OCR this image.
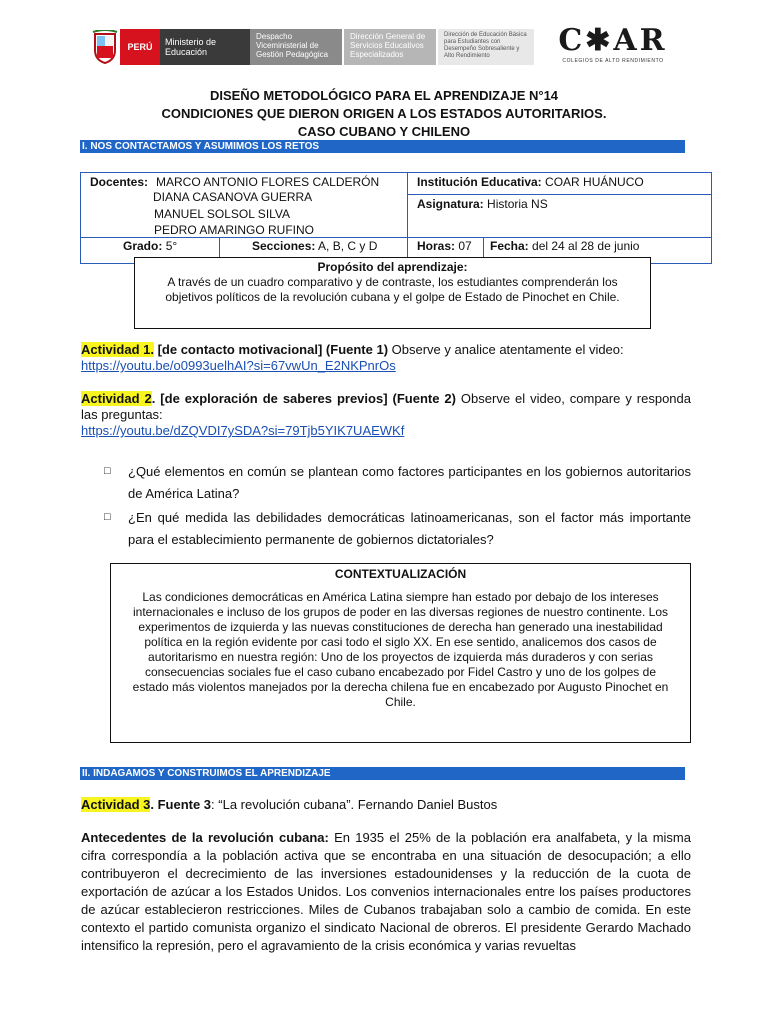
PERÚ	Ministerio de Educación
Despacho Viceministerial de Gestión Pedagógica
Dirección General de Servicios Educativos Especializados
Dirección de Educación Básica para Estudiantes con Desempeño Sobresaliente y Alto Rendimiento	C✱AR
COLEGIOS DE ALTO RENDIMIENTO
DISEÑO METODOLÓGICO PARA EL APRENDIZAJE N°14
CONDICIONES QUE DIERON ORIGEN A LOS ESTADOS AUTORITARIOS.
CASO CUBANO Y CHILENO
I. NOS CONTACTAMOS Y ASUMIMOS LOS RETOS
Docentes: MARCO ANTONIO FLORES CALDERÓN
DIANA CASANOVA GUERRA
MANUEL SOLSOL SILVA
PEDRO AMARINGO RUFINO
Institución Educativa: COAR HUÁNUCO
Asignatura: Historia NS
Grado: 5°	Secciones: A, B, C y D	Horas: 07 Fecha: del 24 al 28 de junio
Propósito del aprendizaje:
A través de un cuadro comparativo y de contraste, los estudiantes comprenderán los objetivos políticos de la revolución cubana y el golpe de Estado de Pinochet en Chile.
Actividad 1. [de contacto motivacional] (Fuente 1) Observe y analice atentamente el video:
https://youtu.be/o0993uelhAI?si=67vwUn_E2NKPnrOs
Actividad 2. [de exploración de saberes previos] (Fuente 2) Observe el video, compare y responda las preguntas:
https://youtu.be/dZQVDI7ySDA?si=79Tjb5YIK7UAEWKf
□ ¿Qué elementos en común se plantean como factores participantes en los gobiernos autoritarios de América Latina?
□ ¿En qué medida las debilidades democráticas latinoamericanas, son el factor más importante para el establecimiento permanente de gobiernos dictatoriales?
CONTEXTUALIZACIÓN
Las condiciones democráticas en América Latina siempre han estado por debajo de los intereses internacionales e incluso de los grupos de poder en las diversas regiones de nuestro continente. Los experimentos de izquierda y las nuevas constituciones de derecha han generado una inestabilidad política en la región evidente por casi todo el siglo XX. En ese sentido, analicemos dos casos de autoritarismo en nuestra región: Uno de los proyectos de izquierda más duraderos y con serias consecuencias sociales fue el caso cubano encabezado por Fidel Castro y uno de los golpes de estado más violentos manejados por la derecha chilena fue en encabezado por Augusto Pinochet en Chile.
II. INDAGAMOS Y CONSTRUIMOS EL APRENDIZAJE
Actividad 3. Fuente 3: “La revolución cubana”. Fernando Daniel Bustos
Antecedentes de la revolución cubana: En 1935 el 25% de la población era analfabeta, y la misma cifra correspondía a la población activa que se encontraba en una situación de desocupación; a ello contribuyeron el decrecimiento de las inversiones estadounidenses y la reducción de la cuota de exportación de azúcar a los Estados Unidos. Los convenios internacionales entre los países productores de azúcar establecieron restricciones. Miles de Cubanos trabajaban solo a cambio de comida. En este contexto el partido comunista organizo el sindicato Nacional de obreros. El presidente Gerardo Machado intensifico la represión, pero el agravamiento de la crisis económica y varias revueltas
